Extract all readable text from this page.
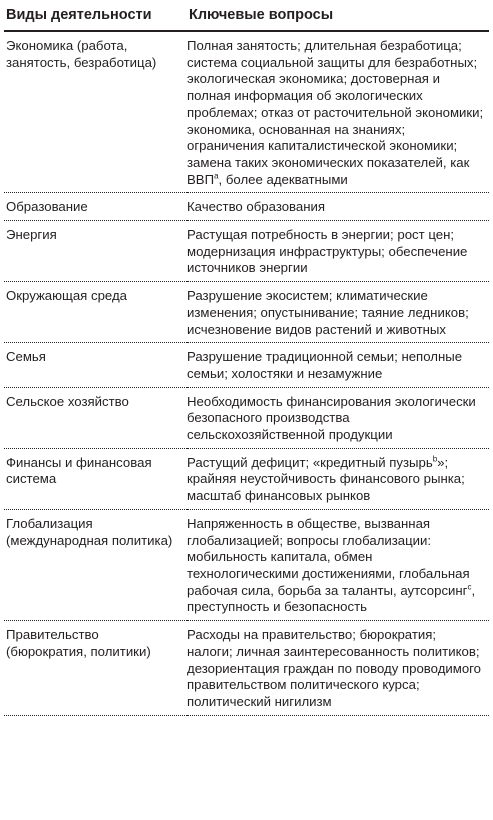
Виды деятельности	Ключевые вопросы
Экономика (работа, занятость, безработица)	Полная занятость; длительная безработица; система социальной защиты для безработных; экологическая экономика; достоверная и полная информация об экологических проблемах; отказ от расточительной экономики; экономика, основанная на знаниях; ограничения капиталистической экономики; замена таких экономических показателей, как ВВП$^a$, более адекватными
Образование	Качество образования
Энергия	Растущая потребность в энергии; рост цен; модернизация инфраструктуры; обеспечение источников энергии
Окружающая среда	Разрушение экосистем; климатические изменения; опустынивание; таяние ледников; исчезновение видов растений и животных
Семья	Разрушение традиционной семьи; неполные семьи; холостяки и незамужние
Сельское хозяйство	Необходимость финансирования экологически безопасного производства сельскохозяйственной продукции
Финансы и финансовая система	Растущий дефицит; «кредитный пузырь$^b$»; крайняя неустойчивость финансового рынка; масштаб финансовых рынков
Глобализация (международная политика)	Напряженность в обществе, вызванная глобализацией; вопросы глобализации: мобильность капитала, обмен технологическими достижениями, глобальная рабочая сила, борьба за таланты, аутсорсинг$^c$, преступность и безопасность
Правительство (бюрократия, политики)	Расходы на правительство; бюрократия; налоги; личная заинтересованность политиков; дезориентация граждан по поводу проводимого правительством политического курса; политический нигилизм
